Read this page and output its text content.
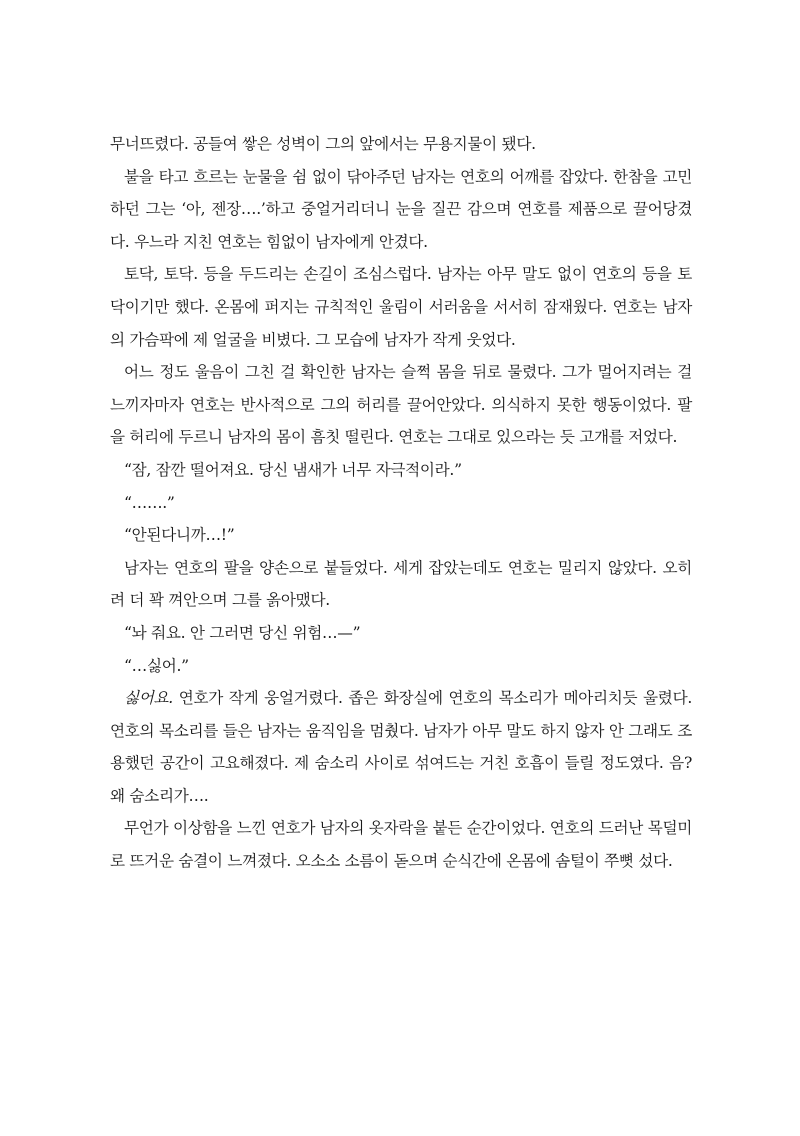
무너뜨렸다. 공들여 쌓은 성벽이 그의 앞에서는 무용지물이 됐다.

불을 타고 흐르는 눈물을 쉼 없이 닦아주던 남자는 연호의 어깨를 잡았다. 한참을 고민하던 그는 ‘아, 젠장….’하고 중얼거리더니 눈을 질끈 감으며 연호를 제품으로 끌어당겼다. 우느라 지친 연호는 힘없이 남자에게 안겼다.

토닥, 토닥. 등을 두드리는 손길이 조심스럽다. 남자는 아무 말도 없이 연호의 등을 토닥이기만 했다. 온몸에 퍼지는 규칙적인 울림이 서러움을 서서히 잠재웠다. 연호는 남자의 가슴팍에 제 얼굴을 비볐다. 그 모습에 남자가 작게 웃었다.

어느 정도 울음이 그친 걸 확인한 남자는 슬쩍 몸을 뒤로 물렸다. 그가 멀어지려는 걸 느끼자마자 연호는 반사적으로 그의 허리를 끌어안았다. 의식하지 못한 행동이었다. 팔을 허리에 두르니 남자의 몸이 흠칫 떨린다. 연호는 그대로 있으라는 듯 고개를 저었다.

“잠, 잠깐 떨어져요. 당신 냄새가 너무 자극적이라.”

“…….”

“안된다니까…!”

남자는 연호의 팔을 양손으로 붙들었다. 세게 잡았는데도 연호는 밀리지 않았다. 오히려 더 꽉 껴안으며 그를 옭아맸다.

“놔 줘요. 안 그러면 당신 위험…—”

“…싫어.”

싫어요. 연호가 작게 웅얼거렸다. 좁은 화장실에 연호의 목소리가 메아리치듯 울렸다. 연호의 목소리를 들은 남자는 움직임을 멈췄다. 남자가 아무 말도 하지 않자 안 그래도 조용했던 공간이 고요해졌다. 제 숨소리 사이로 섞여드는 거친 호흡이 들릴 정도였다. 음? 왜 숨소리가….

무언가 이상함을 느낀 연호가 남자의 옷자락을 붙든 순간이었다. 연호의 드러난 목덜미로 뜨거운 숨결이 느껴졌다. 오소소 소름이 돋으며 순식간에 온몸에 솜털이 쭈뼛 섰다.
